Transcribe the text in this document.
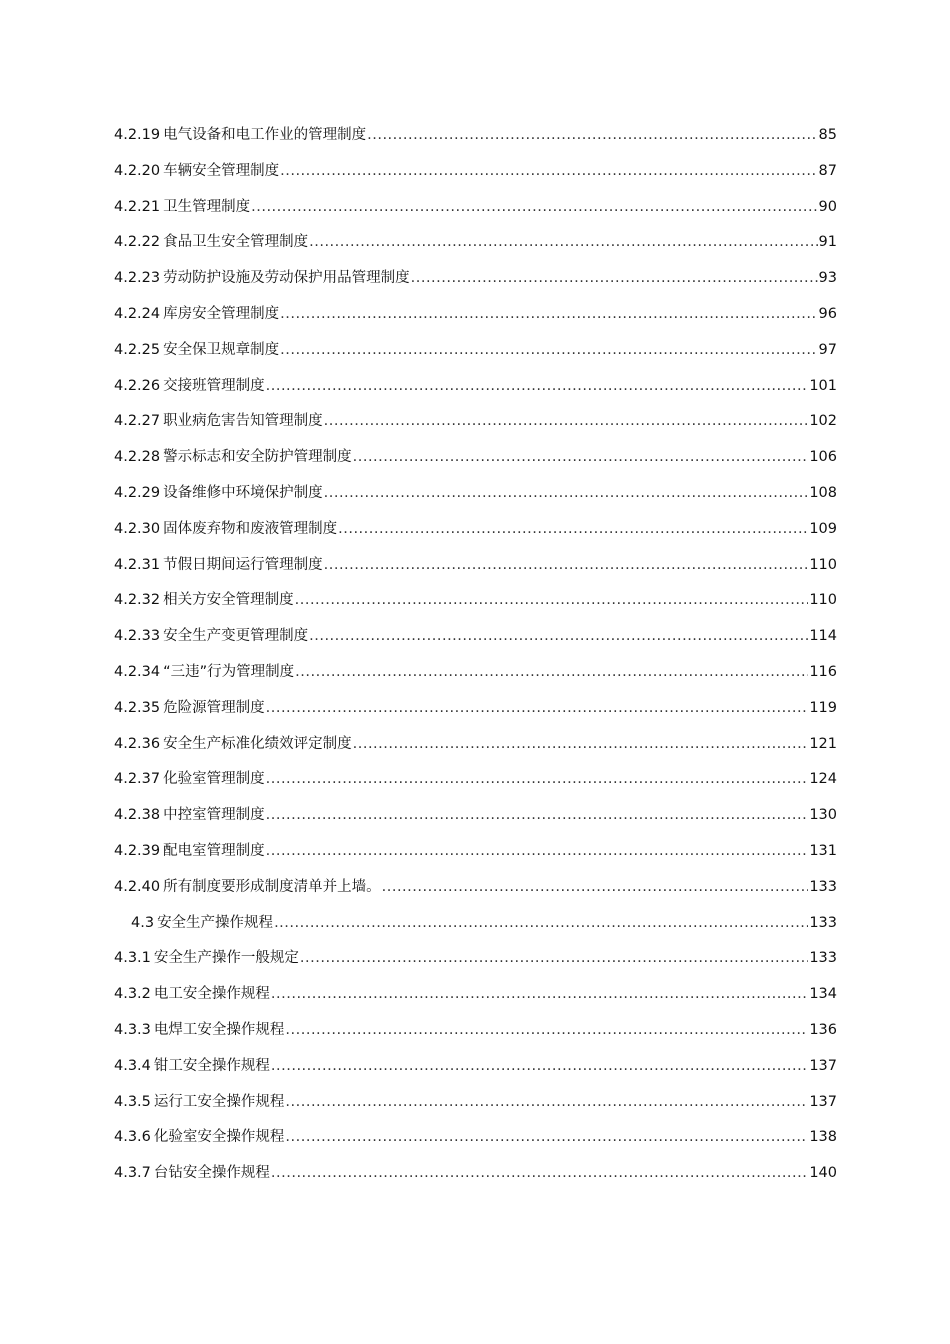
4.2.19 电气设备和电工作业的管理制度 .....	85
4.2.20 车辆安全管理制度 .....	87
4.2.21 卫生管理制度 .....	90
4.2.22 食品卫生安全管理制度 .....	91
4.2.23 劳动防护设施及劳动保护用品管理制度 .....	93
4.2.24 库房安全管理制度 .....	96
4.2.25 安全保卫规章制度 .....	97
4.2.26 交接班管理制度 .....	101
4.2.27 职业病危害告知管理制度 .....	102
4.2.28 警示标志和安全防护管理制度 .....	106
4.2.29 设备维修中环境保护制度 .....	108
4.2.30 固体废弃物和废液管理制度 .....	109
4.2.31 节假日期间运行管理制度 .....	110
4.2.32 相关方安全管理制度 .....	110
4.2.33 安全生产变更管理制度 .....	114
4.2.34 “三违”行为管理制度 .....	116
4.2.35 危险源管理制度 .....	119
4.2.36 安全生产标准化绩效评定制度 .....	121
4.2.37 化验室管理制度 .....	124
4.2.38 中控室管理制度 .....	130
4.2.39 配电室管理制度 .....	131
4.2.40 所有制度要形成制度清单并上墙。 .....	133
4.3 安全生产操作规程 .....	133
4.3.1 安全生产操作一般规定 .....	133
4.3.2 电工安全操作规程 .....	134
4.3.3 电焊工安全操作规程 .....	136
4.3.4 钳工安全操作规程 .....	137
4.3.5 运行工安全操作规程 .....	137
4.3.6 化验室安全操作规程 .....	138
4.3.7 台钻安全操作规程 .....	140
